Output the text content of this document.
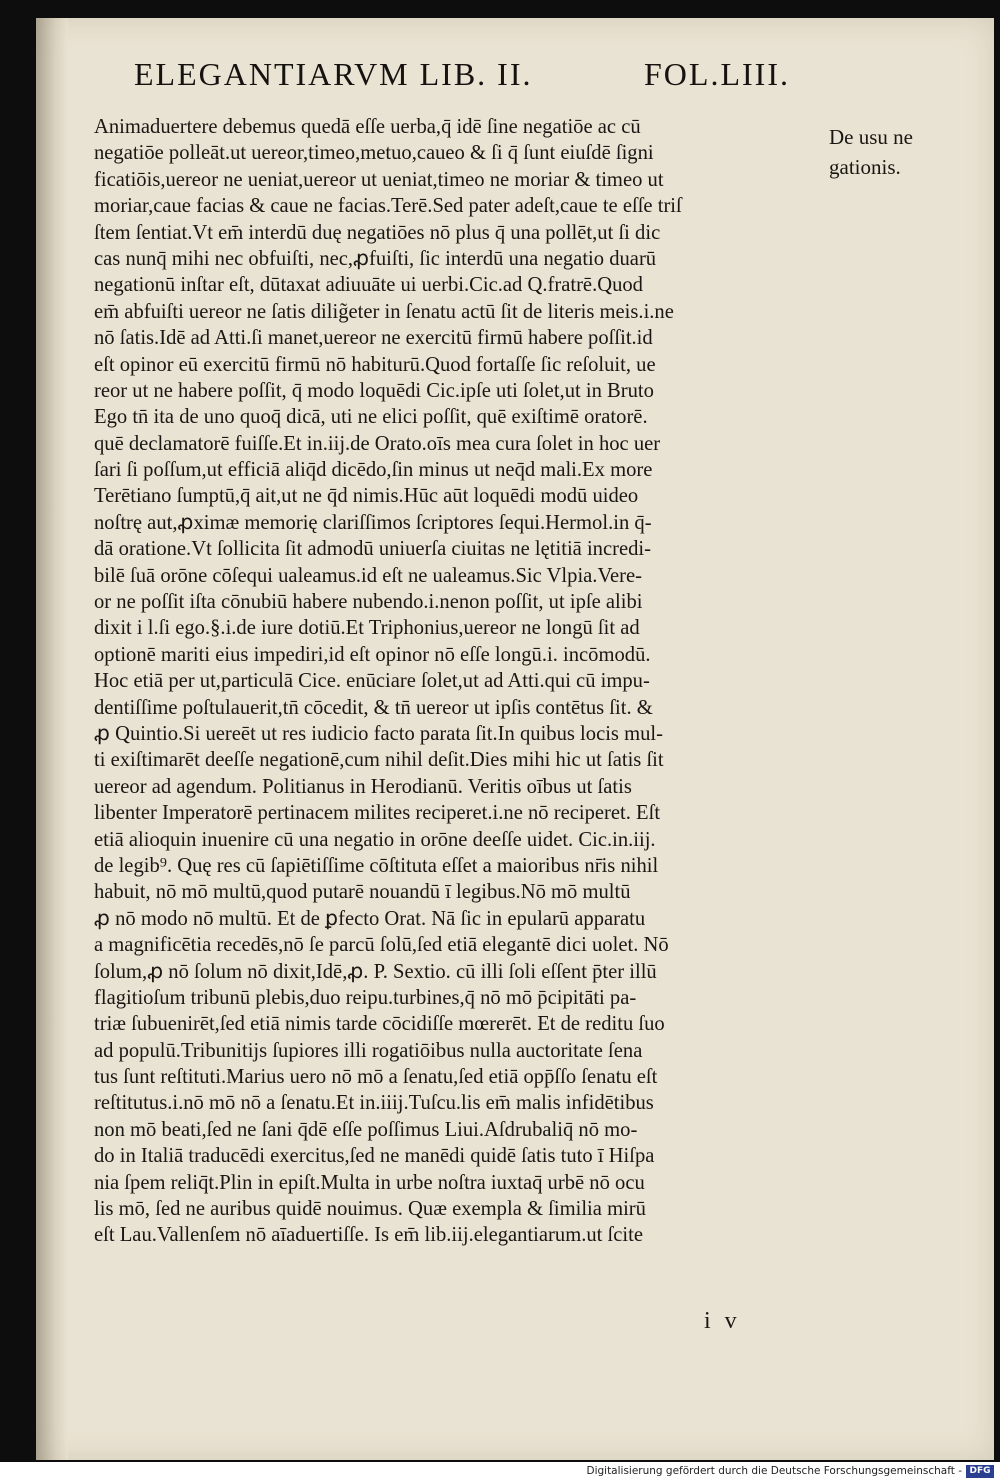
ELEGANTIARVM LIB. II.	FOL.LIII.
Animaduertere debemus quedā eſſe uerba,q̄ idē ſine negatiōe ac cū
negatiōe polleāt.ut uereor,timeo,metuo,caueo & ſi q̄ ſunt eiuſdē ſigni
ficatiōis,uereor ne ueniat,uereor ut ueniat,timeo ne moriar & timeo ut
moriar,caue facias & caue ne facias.Terē.Sed pater adeſt,caue te eſſe triſ
ſtem ſentiat.Vt em̄ interdū duę negatiōes nō plus q̄ una pollēt,ut ſi dic
cas nunq̄ mihi nec obfuiſti, nec,ꝓfuiſti, ſic interdū una negatio duarū
negationū inſtar eſt, dūtaxat adiuuāte ui uerbi.Cic.ad Q.fratrē.Quod
em̄ abfuiſti uereor ne ſatis dilig̃eter in ſenatu actū ſit de literis meis.i.ne
nō ſatis.Idē ad Atti.ſi manet,uereor ne exercitū firmū habere poſſit.id
eſt opinor eū exercitū firmū nō habiturū.Quod fortaſſe ſic reſoluit, ue
reor ut ne habere poſſit, q̄ modo loquēdi Cic.ipſe uti ſolet,ut in Bruto
Ego tn̄ ita de uno quoq̄ dicā, uti ne elici poſſit, quē exiſtimē oratorē.
quē declamatorē fuiſſe.Et in.iij.de Orato.oīs mea cura ſolet in hoc uer
ſari ſi poſſum,ut efficiā aliq̄d dicēdo,ſin minus ut neq̄d mali.Ex more
Terētiano ſumptū,q̄ ait,ut ne q̄d nimis.Hūc aūt loquēdi modū uideo
noſtrę aut,ꝓximæ memorię clariſſimos ſcriptores ſequi.Hermol.in q̄-
dā oratione.Vt ſollicita ſit admodū uniuerſa ciuitas ne lętitiā incredi-
bilē ſuā orōne cōſequi ualeamus.id eſt ne ualeamus.Sic Vlpia.Vere-
or ne poſſit iſta cōnubiū habere nubendo.i.nenon poſſit, ut ipſe alibi
dixit i l.ſi ego.§.i.de iure dotiū.Et Triphonius,uereor ne longū ſit ad
optionē mariti eius impediri,id eſt opinor nō eſſe longū.i. incōmodū.
Hoc etiā per ut,particulā Cice. enūciare ſolet,ut ad Atti.qui cū impu-
dentiſſime poſtulauerit,tn̄ cōcedit, & tn̄ uereor ut ipſis contētus ſit. &
ꝓ Quintio.Si uereēt ut res iudicio facto parata ſit.In quibus locis mul-
ti exiſtimarēt deeſſe negationē,cum nihil deſit.Dies mihi hic ut ſatis ſit
uereor ad agendum. Politianus in Herodianū. Veritis oībus ut ſatis
libenter Imperatorē pertinacem milites reciperet.i.ne nō reciperet. Eſt
etiā alioquin inuenire cū una negatio in orōne deeſſe uidet. Cic.in.iij.
de legib⁹. Quę res cū ſapiētiſſime cōſtituta eſſet a maioribus nr̄is nihil
habuit, nō mō multū,quod putarē nouandū ī legibus.Nō mō multū
ꝓ nō modo nō multū. Et de ꝑfecto Orat. Nā ſic in epularū apparatu
a magnificētia recedēs,nō ſe parcū ſolū,ſed etiā elegantē dici uolet. Nō
ſolum,ꝓ nō ſolum nō dixit,Idē,ꝓ. P. Sextio. cū illi ſoli eſſent p̄ter illū
flagitioſum tribunū plebis,duo reipu.turbines,q̄ nō mō p̄cipitāti pa-
triæ ſubuenirēt,ſed etiā nimis tarde cōcidiſſe mœrerēt. Et de reditu ſuo
ad populū.Tribunitijs ſupiores illi rogatiōibus nulla auctoritate ſena
tus ſunt reſtituti.Marius uero nō mō a ſenatu,ſed etiā opp̄ſſo ſenatu eſt
reſtitutus.i.nō mō nō a ſenatu.Et in.iiij.Tuſcu.lis em̄ malis infidētibus
non mō beati,ſed ne ſani q̄dē eſſe poſſimus Liui.Aſdrubaliq̄ nō mo-
do in Italiā traducēdi exercitus,ſed ne manēdi quidē ſatis tuto ī Hiſpa
nia ſpem reliq̄t.Plin in epiſt.Multa in urbe noſtra iuxtaq̄ urbē nō ocu
lis mō, ſed ne auribus quidē nouimus. Quæ exempla & ſimilia mirū
eſt Lau.Vallenſem nō aīaduertiſſe. Is em̄ lib.iij.elegantiarum.ut ſcite
De usu ne
gationis.
i v
Digitalisierung gefördert durch die Deutsche Forschungsgemeinschaft - DFG
